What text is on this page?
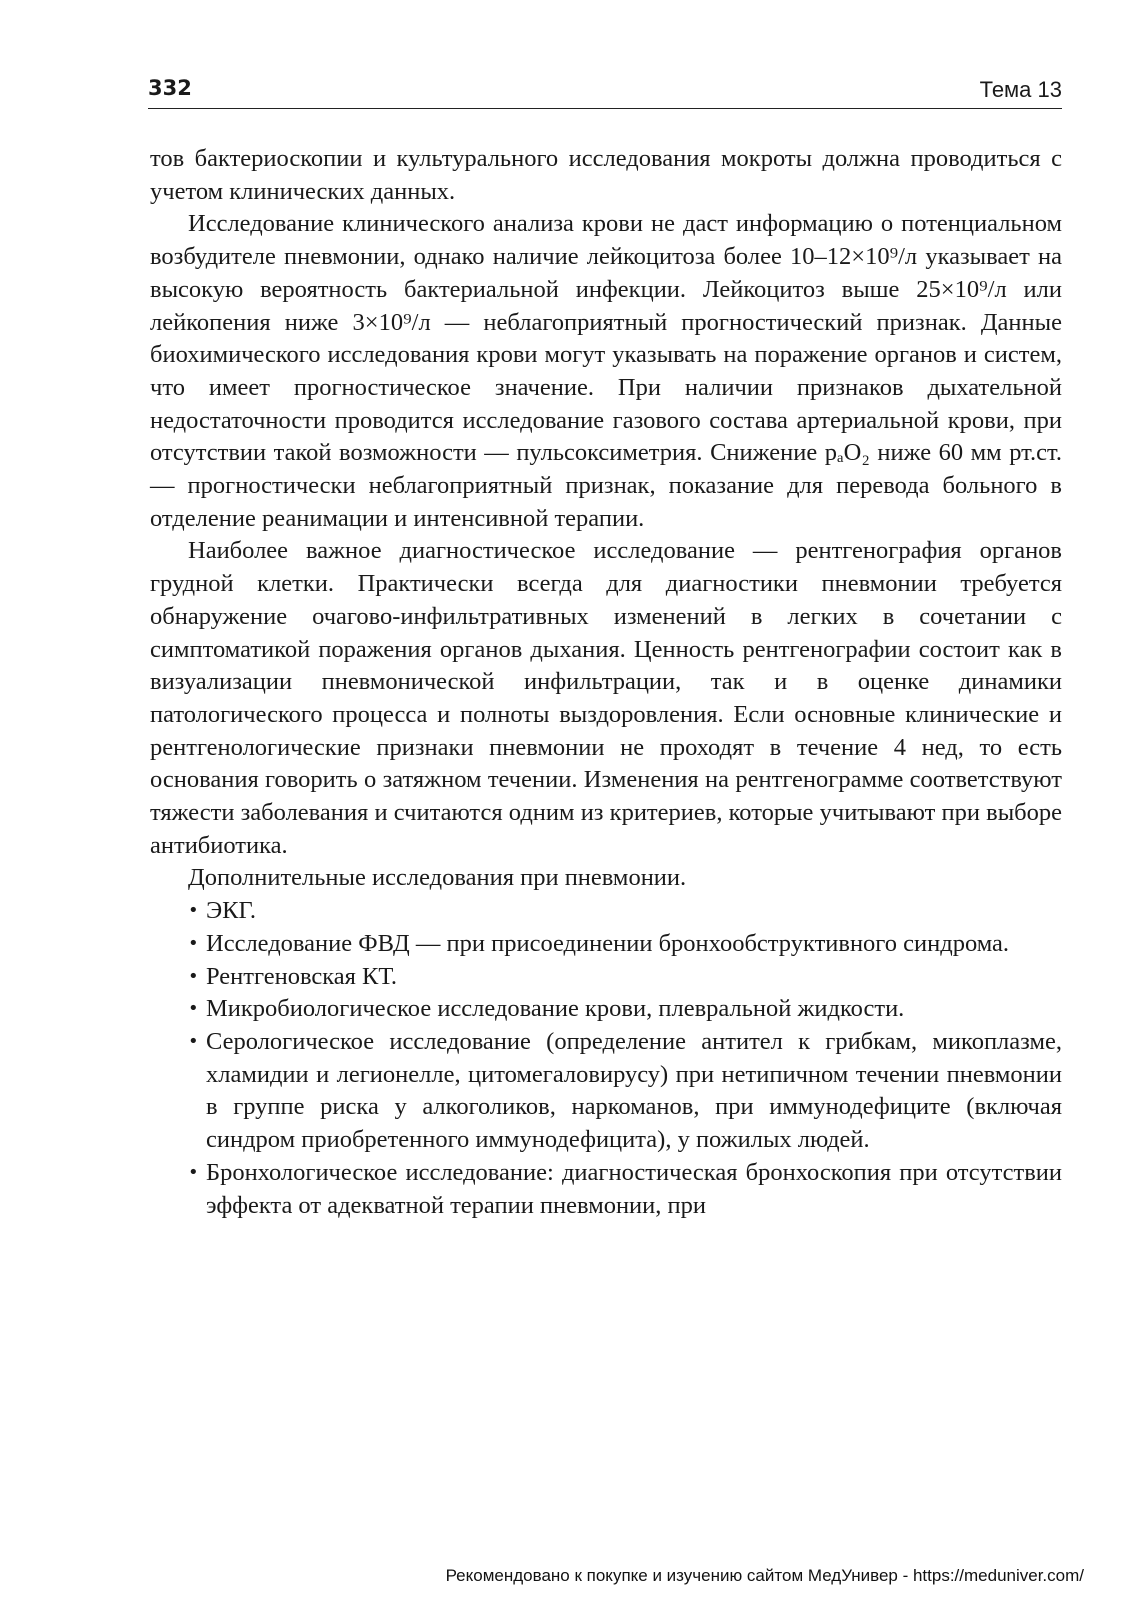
332	Тема 13

тов бактериоскопии и культурального исследования мокроты должна проводиться с учетом клинических данных.

Исследование клинического анализа крови не даст информацию о потенциальном возбудителе пневмонии, однако наличие лейкоцитоза более 10–12×10⁹/л указывает на высокую вероятность бактериальной инфекции. Лейкоцитоз выше 25×10⁹/л или лейкопения ниже 3×10⁹/л — неблагоприятный прогностический признак. Данные биохимического исследования крови могут указывать на поражение органов и систем, что имеет прогностическое значение. При наличии признаков дыхательной недостаточности проводится исследование газового состава артериальной крови, при отсутствии такой возможности — пульсоксиметрия. Снижение pₐO₂ ниже 60 мм рт.ст. — прогностически неблагоприятный признак, показание для перевода больного в отделение реанимации и интенсивной терапии.

Наиболее важное диагностическое исследование — рентгенография органов грудной клетки. Практически всегда для диагностики пневмонии требуется обнаружение очагово-инфильтративных изменений в легких в сочетании с симптоматикой поражения органов дыхания. Ценность рентгенографии состоит как в визуализации пневмонической инфильтрации, так и в оценке динамики патологического процесса и полноты выздоровления. Если основные клинические и рентгенологические признаки пневмонии не проходят в течение 4 нед, то есть основания говорить о затяжном течении. Изменения на рентгенограмме соответствуют тяжести заболевания и считаются одним из критериев, которые учитывают при выборе антибиотика.

Дополнительные исследования при пневмонии.

• ЭКГ.
• Исследование ФВД — при присоединении бронхообструктивного синдрома.
• Рентгеновская КТ.
• Микробиологическое исследование крови, плевральной жидкости.
• Серологическое исследование (определение антител к грибкам, микоплазме, хламидии и легионелле, цитомегаловирусу) при нетипичном течении пневмонии в группе риска у алкоголиков, наркоманов, при иммунодефиците (включая синдром приобретенного иммунодефицита), у пожилых людей.
• Бронхологическое исследование: диагностическая бронхоскопия при отсутствии эффекта от адекватной терапии пневмонии, при
Рекомендовано к покупке и изучению сайтом МедУнивер - https://meduniver.com/
